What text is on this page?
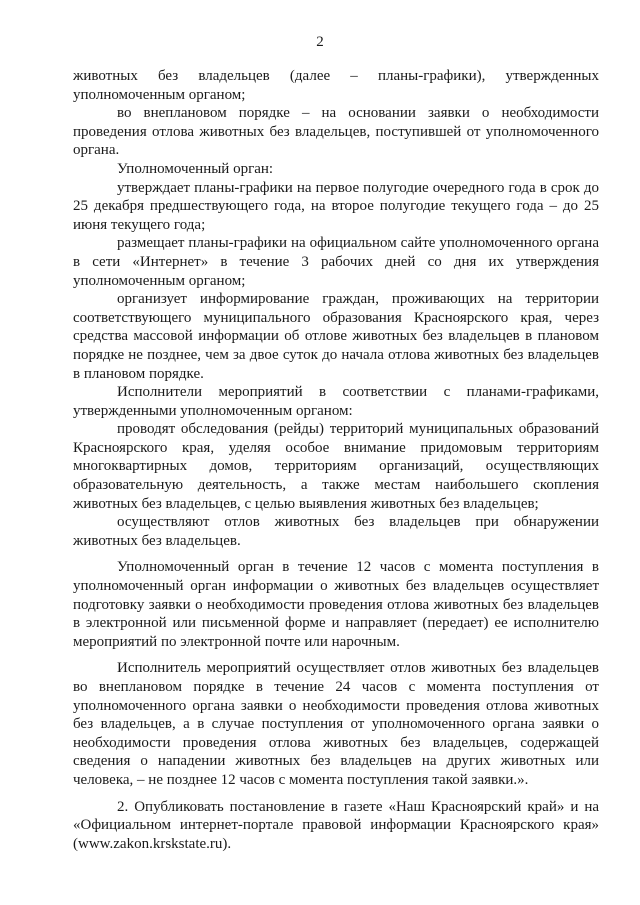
2

животных без владельцев (далее – планы-графики), утвержденных уполномоченным органом;

во внеплановом порядке – на основании заявки о необходимости проведения отлова животных без владельцев, поступившей от уполномоченного органа.

Уполномоченный орган:

утверждает планы-графики на первое полугодие очередного года в срок до 25 декабря предшествующего года, на второе полугодие текущего года – до 25 июня текущего года;

размещает планы-графики на официальном сайте уполномоченного органа в сети «Интернет» в течение 3 рабочих дней со дня их утверждения уполномоченным органом;

организует информирование граждан, проживающих на территории соответствующего муниципального образования Красноярского края, через средства массовой информации об отлове животных без владельцев в плановом порядке не позднее, чем за двое суток до начала отлова животных без владельцев в плановом порядке.

Исполнители мероприятий в соответствии с планами-графиками, утвержденными уполномоченным органом:

проводят обследования (рейды) территорий муниципальных образований Красноярского края, уделяя особое внимание придомовым территориям многоквартирных домов, территориям организаций, осуществляющих образовательную деятельность, а также местам наибольшего скопления животных без владельцев, с целью выявления животных без владельцев;

осуществляют отлов животных без владельцев при обнаружении животных без владельцев.

Уполномоченный орган в течение 12 часов с момента поступления в уполномоченный орган информации о животных без владельцев осуществляет подготовку заявки о необходимости проведения отлова животных без владельцев в электронной или письменной форме и направляет (передает) ее исполнителю мероприятий по электронной почте или нарочным.

Исполнитель мероприятий осуществляет отлов животных без владельцев во внеплановом порядке в течение 24 часов с момента поступления от уполномоченного органа заявки о необходимости проведения отлова животных без владельцев, а в случае поступления от уполномоченного органа заявки о необходимости проведения отлова животных без владельцев, содержащей сведения о нападении животных без владельцев на других животных или человека, – не позднее 12 часов с момента поступления такой заявки.».

2. Опубликовать постановление в газете «Наш Красноярский край» и на «Официальном интернет-портале правовой информации Красноярского края» (www.zakon.krskstate.ru).
